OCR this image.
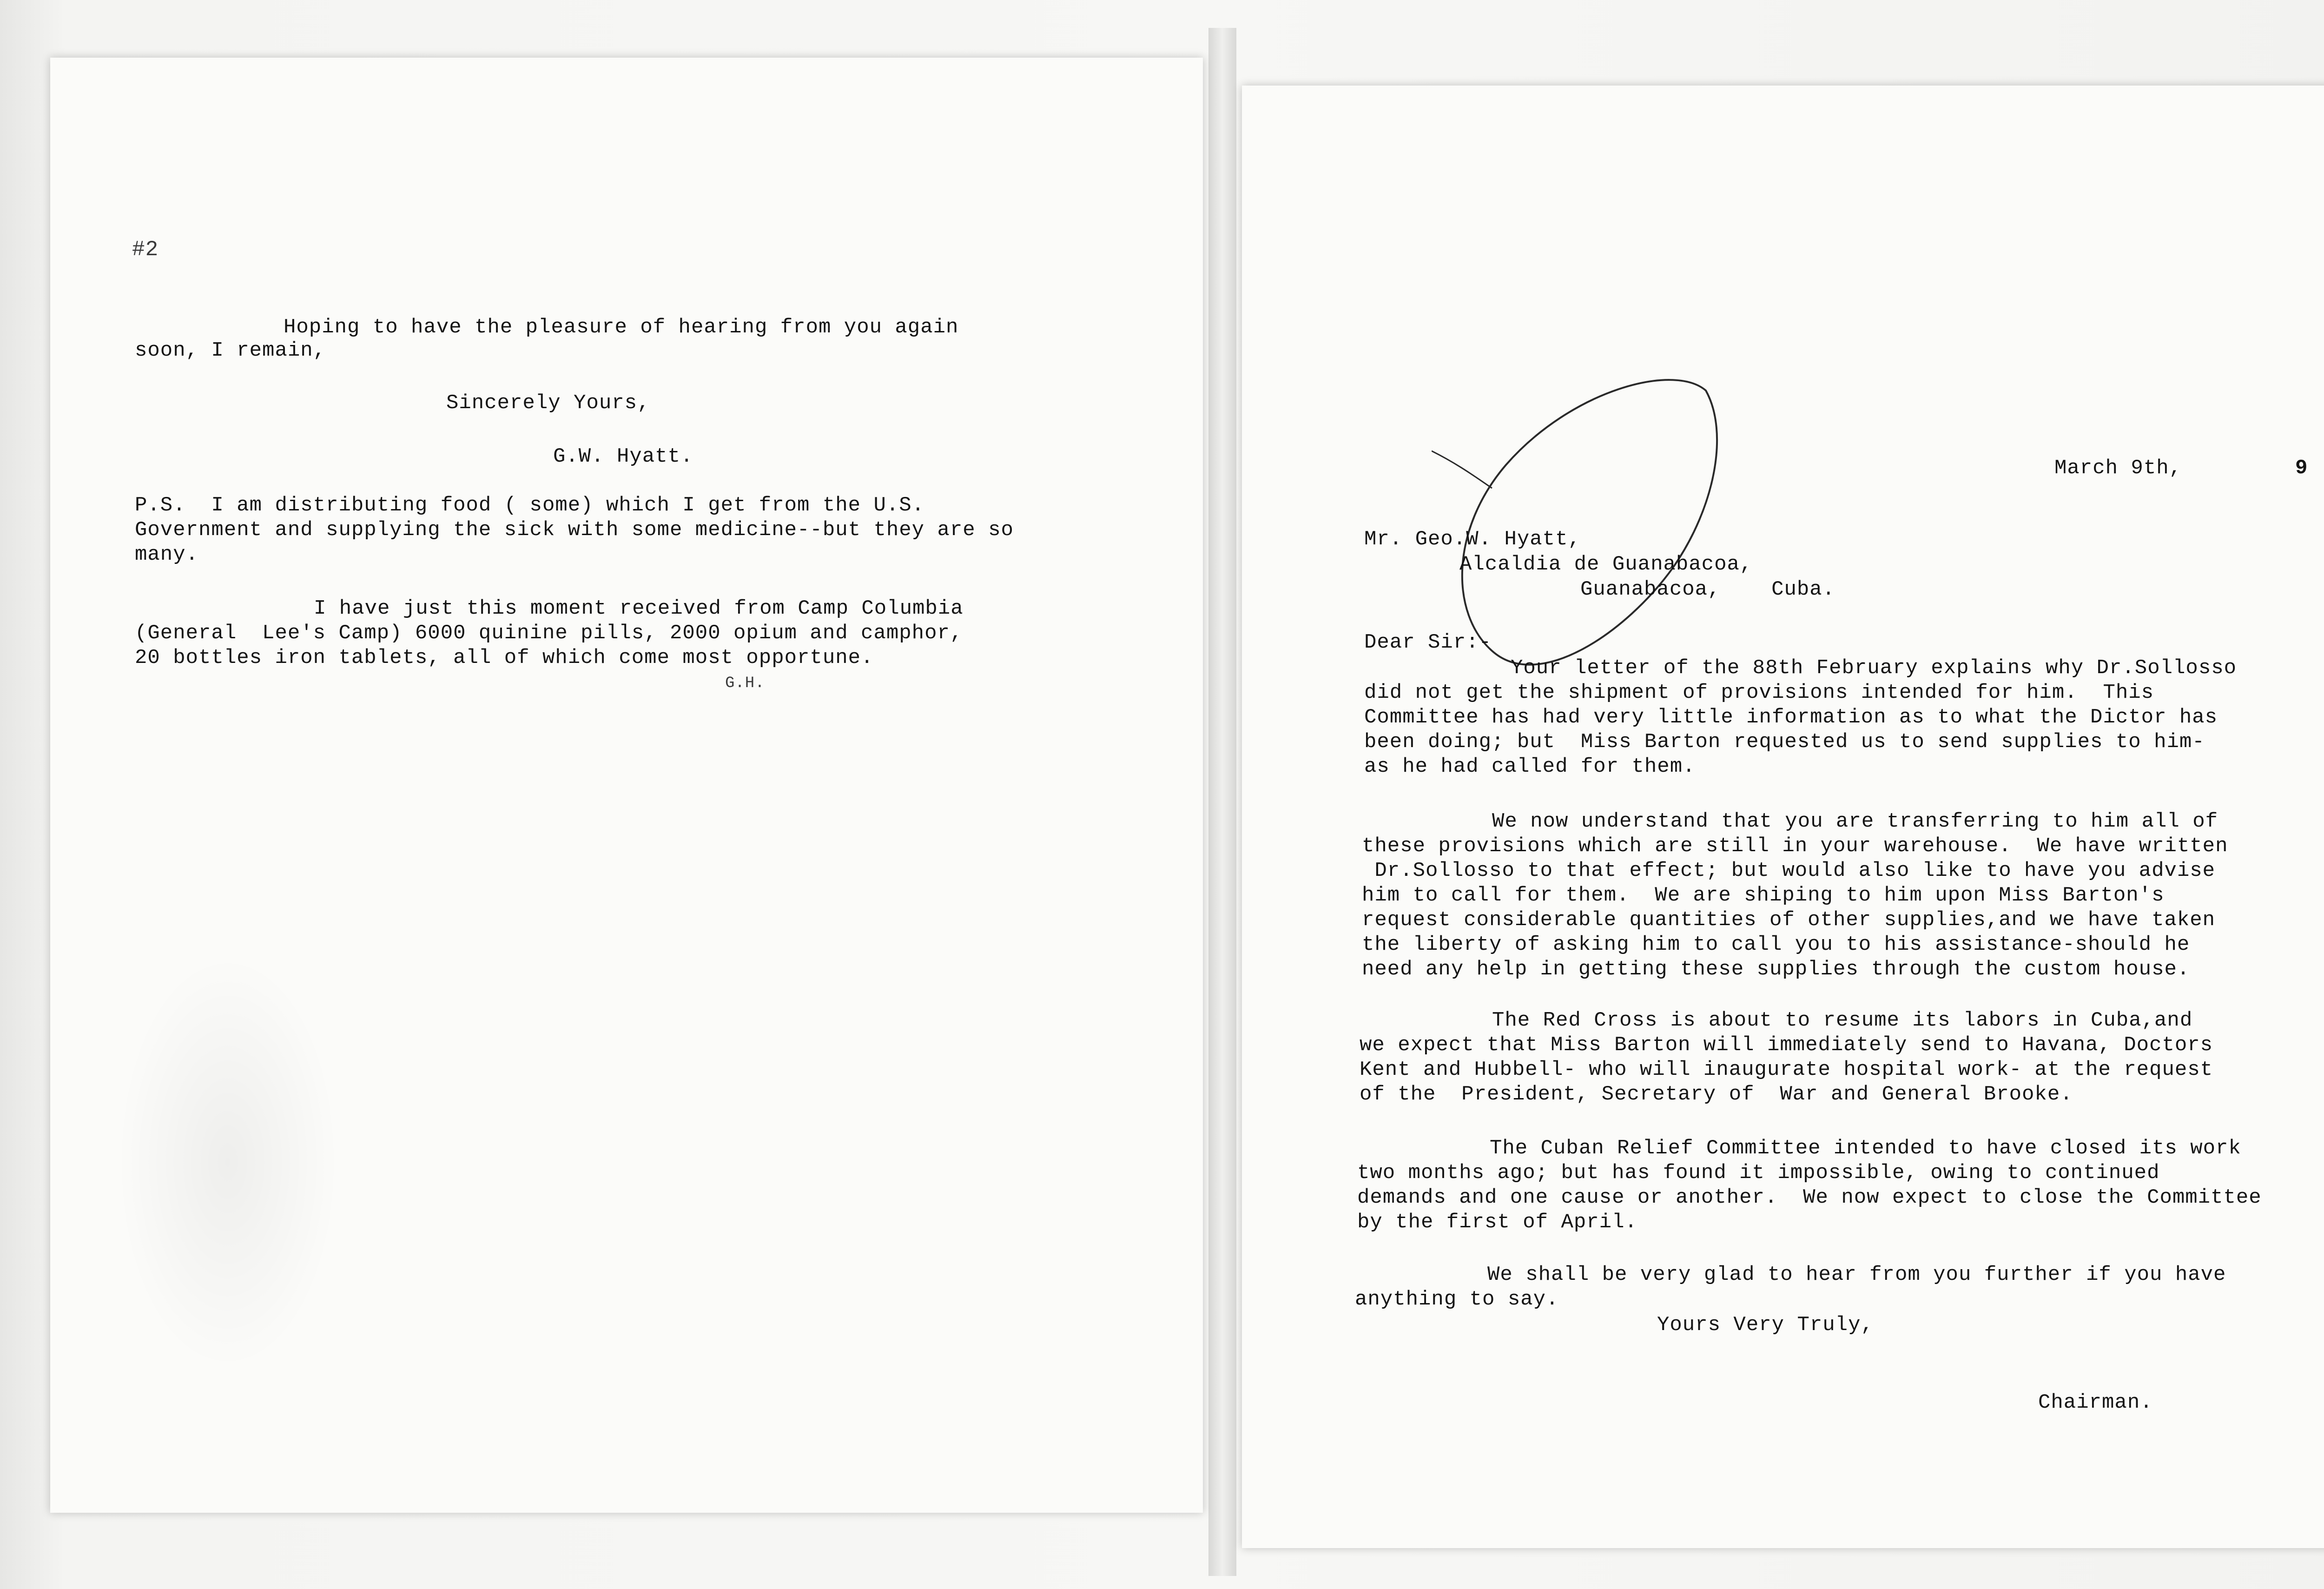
#2
Hoping to have the pleasure of hearing from you again
soon, I remain,
Sincerely Yours,
G.W. Hyatt.
P.S.  I am distributing food ( some) which I get from the U.S.
Government and supplying the sick with some medicine--but they are so
many.
I have just this moment received from Camp Columbia
(General  Lee's Camp) 6000 quinine pills, 2000 opium and camphor,
20 bottles iron tablets, all of which come most opportune.
G.H.
March 9th,	9
Mr. Geo.W. Hyatt,
Alcaldia de Guanabacoa,
Guanabacoa,    Cuba.
Dear Sir:-
Your letter of the 88th February explains why Dr.Sollosso
did not get the shipment of provisions intended for him.  This
Committee has had very little information as to what the Dictor has
been doing; but  Miss Barton requested us to send supplies to him-
as he had called for them.
We now understand that you are transferring to him all of
these provisions which are still in your warehouse.  We have written
Dr.Sollosso to that effect; but would also like to have you advise
him to call for them.  We are shiping to him upon Miss Barton's
request considerable quantities of other supplies,and we have taken
the liberty of asking him to call you to his assistance-should he
need any help in getting these supplies through the custom house.
The Red Cross is about to resume its labors in Cuba,and
we expect that Miss Barton will immediately send to Havana, Doctors
Kent and Hubbell- who will inaugurate hospital work- at the request
of the  President, Secretary of  War and General Brooke.
The Cuban Relief Committee intended to have closed its work
two months ago; but has found it impossible, owing to continued
demands and one cause or another.  We now expect to close the Committee
by the first of April.
We shall be very glad to hear from you further if you have
anything to say.
Yours Very Truly,
Chairman.
